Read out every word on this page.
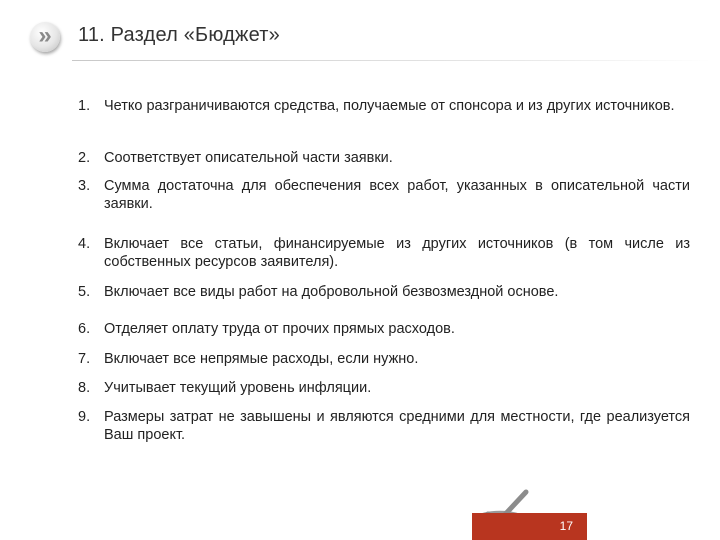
»	11. Раздел «Бюджет»
1. Четко разграничиваются средства, получаемые от спонсора и из других источников.
2. Соответствует описательной части заявки.
3. Сумма достаточна для обеспечения всех работ, указанных в описательной части заявки.
4. Включает все статьи, финансируемые из других источников (в том числе из собственных ресурсов заявителя).
5. Включает все виды работ на добровольной безвозмездной основе.
6. Отделяет оплату труда от прочих прямых расходов.
7. Включает все непрямые расходы, если нужно.
8. Учитывает текущий уровень инфляции.
9. Размеры затрат не завышены и являются средними для местности, где реализуется Ваш проект.
17
